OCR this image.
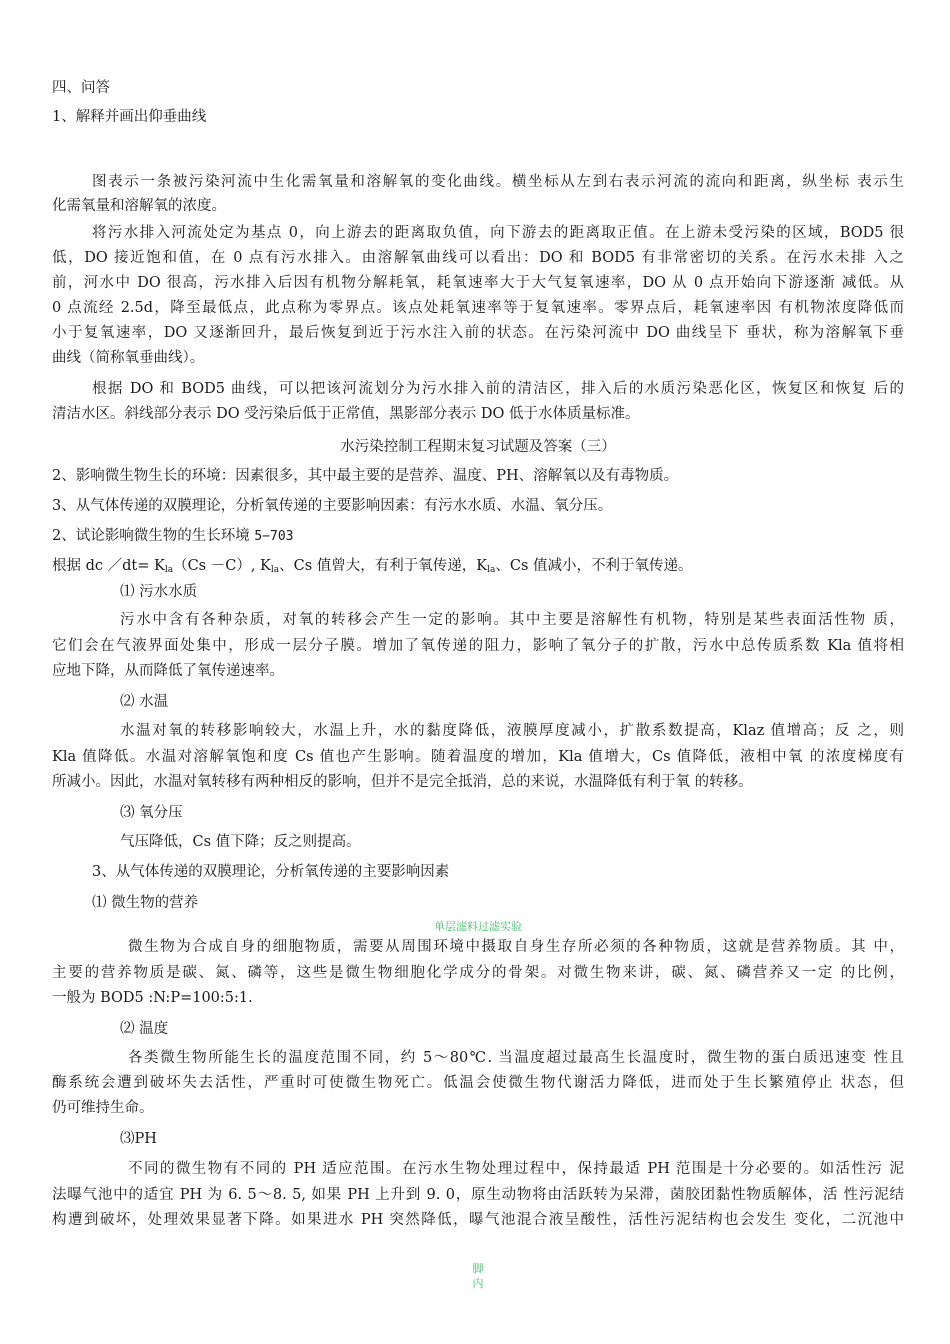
四、问答
1、解释并画出仰垂曲线
图表示一条被污染河流中生化需氧量和溶解氧的变化曲线。横坐标从左到右表示河流的流向和距离，纵坐标 表示生
化需氧量和溶解氧的浓度。
将污水排入河流处定为基点 0，向上游去的距离取负值，向下游去的距离取正值。在上游未受污染的区域，BOD5 很
低，DO 接近饱和值，在 0 点有污水排入。由溶解氧曲线可以看出：DO 和 BOD5 有非常密切的关系。在污水未排 入之
前，河水中 DO 很高，污水排入后因有机物分解耗氧，耗氧速率大于大气复氧速率，DO 从 0 点开始向下游逐渐 减低。从
0 点流经 2.5d，降至最低点，此点称为零界点。该点处耗氧速率等于复氧速率。零界点后，耗氧速率因 有机物浓度降低而
小于复氧速率，DO 又逐渐回升，最后恢复到近于污水注入前的状态。在污染河流中 DO 曲线呈下 垂状，称为溶解氧下垂
曲线（简称氧垂曲线）。
根据 DO 和 BOD5 曲线，可以把该河流划分为污水排入前的清洁区，排入后的水质污染恶化区，恢复区和恢复 后的
清洁水区。斜线部分表示 DO 受污染后低于正常值，黑影部分表示 DO 低于水体质量标准。
水污染控制工程期末复习试题及答案（三）
2、影响微生物生长的环境：因素很多，其中最主要的是营养、温度、PH、溶解氧以及有毒物质。
3、从气体传递的双膜理论，分析氧传递的主要影响因素：有污水水质、水温、氧分压。
2、试论影响微生物的生长环境 5−703
根据 dc ／dt= $K_{la}(Cs -C)$, $K_{la}$、Cs 值曾大，有利于氧传递，$K_{la}$、Cs 值减小，不利于氧传递。
⑴ 污水水质
污水中含有各种杂质，对氧的转移会产生一定的影响。其中主要是溶解性有机物，特别是某些表面活性物 质，
它们会在气液界面处集中，形成一层分子膜。增加了氧传递的阻力，影响了氧分子的扩散，污水中总传质系数 Kla 值将相
应地下降，从而降低了氧传递速率。
⑵ 水温
水温对氧的转移影响较大，水温上升，水的黏度降低，液膜厚度减小，扩散系数提高，Klaz 值增高；反 之，则
Kla 值降低。水温对溶解氧饱和度 Cs 值也产生影响。随着温度的增加，Kla 值增大，Cs 值降低，液相中氧 的浓度梯度有
所减小。因此，水温对氧转移有两种相反的影响，但并不是完全抵消，总的来说，水温降低有利于氧 的转移。
⑶ 氧分压
气压降低，Cs 值下降；反之则提高。
3、从气体传递的双膜理论，分析氧传递的主要影响因素
⑴ 微生物的营养
单层滤料过滤实验
微生物为合成自身的细胞物质，需要从周围环境中摄取自身生存所必须的各种物质，这就是营养物质。其 中，
主要的营养物质是碳、氮、磷等，这些是微生物细胞化学成分的骨架。对微生物来讲，碳、氮、磷营养又一定 的比例，
一般为 BOD5 :N:P=100:5:1.
⑵ 温度
各类微生物所能生长的温度范围不同，约 5～80℃. 当温度超过最高生长温度时，微生物的蛋白质迅速变 性且
酶系统会遭到破坏失去活性，严重时可使微生物死亡。低温会使微生物代谢活力降低，进而处于生长繁殖停止 状态，但
仍可维持生命。
⑶PH
不同的微生物有不同的 PH 适应范围。在污水生物处理过程中，保持最适 PH 范围是十分必要的。如活性污 泥
法曝气池中的适宜 PH 为 6. 5～8. 5, 如果 PH 上升到 9. 0，原生动物将由活跃转为呆滞，菌胶团黏性物质解体，活 性污泥结
构遭到破坏，处理效果显著下降。如果进水 PH 突然降低，曝气池混合液呈酸性，活性污泥结构也会发生 变化，二沉池中
脚
内
